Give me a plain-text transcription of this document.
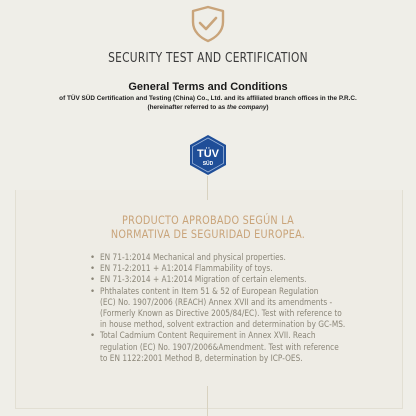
SECURITY TEST AND CERTIFICATION
General Terms and Conditions
of TÜV SÜD Certification and Testing (China) Co., Ltd. and its affiliated branch offices in the P.R.C.
(hereinafter referred to as the company)
TÜV
SÜD
PRODUCTO APROBADO SEGÚN LA
NORMATIVA DE SEGURIDAD EUROPEA.
• EN 71-1:2014 Mechanical and physical properties.
• EN 71-2:2011 + A1:2014 Flammability of toys.
• EN 71-3:2014 + A1:2014 Migration of certain elements.
• Phthalates content in Item 51 & 52 of European Regulation
(EC) No. 1907/2006 (REACH) Annex XVII and its amendments -
(Formerly Known as Directive 2005/84/EC). Test with reference to
in house method, solvent extraction and determination by GC-MS.
• Total Cadmium Content Requirement in Annex XVII. Reach
regulation (EC) No. 1907/2006&Amendment. Test with reference
to EN 1122:2001 Method B, determination by ICP-OES.
